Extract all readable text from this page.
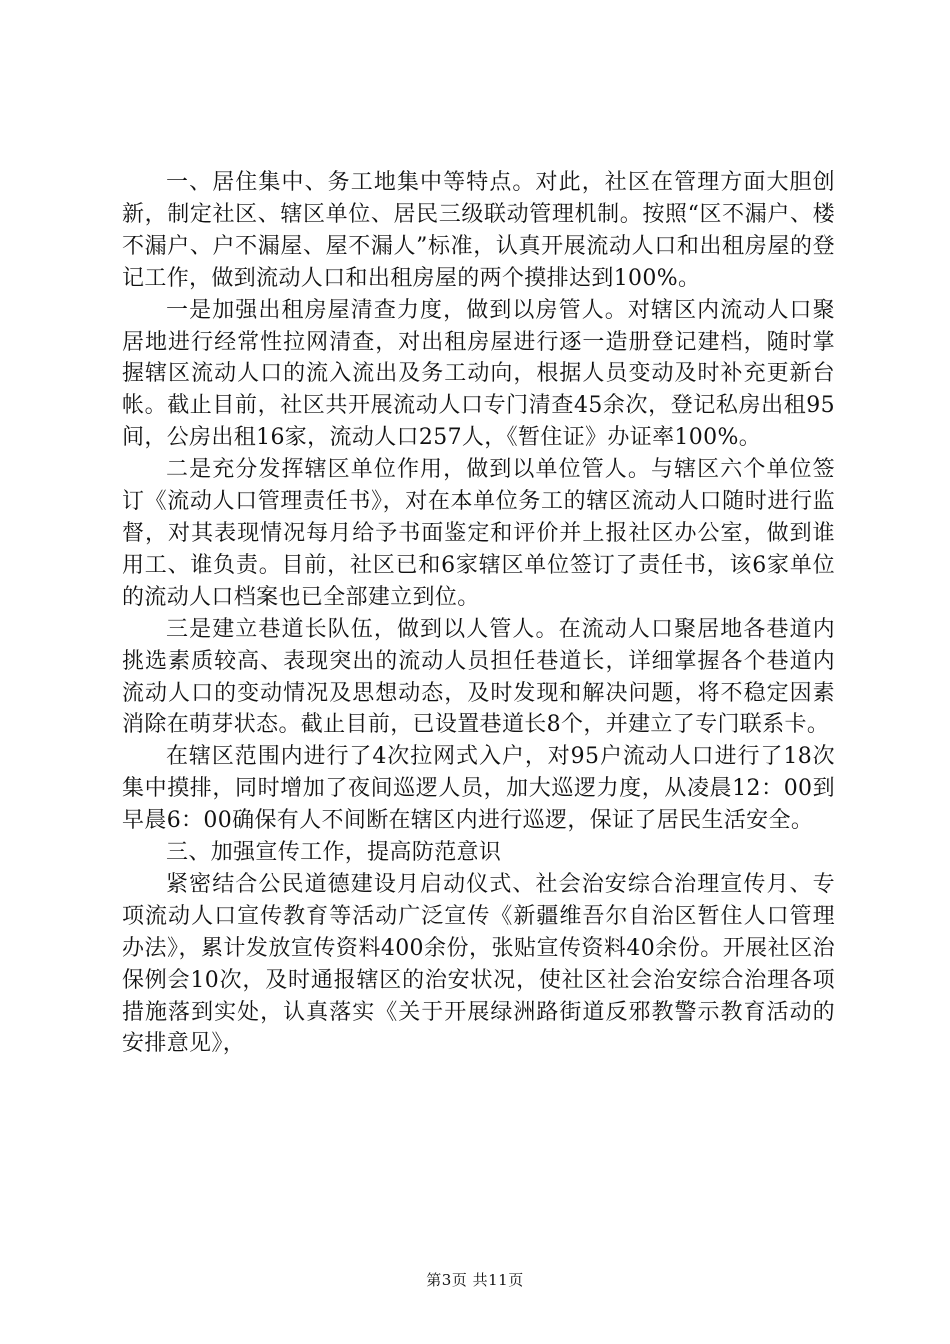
一、居住集中、务工地集中等特点。对此，社区在管理方面大胆创新，制定社区、辖区单位、居民三级联动管理机制。按照“区不漏户、楼不漏户、户不漏屋、屋不漏人”标准，认真开展流动人口和出租房屋的登记工作，做到流动人口和出租房屋的两个摸排达到100%。

一是加强出租房屋清查力度，做到以房管人。对辖区内流动人口聚居地进行经常性拉网清查，对出租房屋进行逐一造册登记建档，随时掌握辖区流动人口的流入流出及务工动向，根据人员变动及时补充更新台帐。截止目前，社区共开展流动人口专门清查45余次，登记私房出租95间，公房出租16家，流动人口257人，《暂住证》办证率100%。

二是充分发挥辖区单位作用，做到以单位管人。与辖区六个单位签订《流动人口管理责任书》，对在本单位务工的辖区流动人口随时进行监督，对其表现情况每月给予书面鉴定和评价并上报社区办公室，做到谁用工、谁负责。目前，社区已和6家辖区单位签订了责任书，该6家单位的流动人口档案也已全部建立到位。

三是建立巷道长队伍，做到以人管人。在流动人口聚居地各巷道内挑选素质较高、表现突出的流动人员担任巷道长，详细掌握各个巷道内流动人口的变动情况及思想动态，及时发现和解决问题，将不稳定因素消除在萌芽状态。截止目前，已设置巷道长8个，并建立了专门联系卡。

在辖区范围内进行了4次拉网式入户，对95户流动人口进行了18次集中摸排，同时增加了夜间巡逻人员，加大巡逻力度，从凌晨12：00到早晨6：00确保有人不间断在辖区内进行巡逻，保证了居民生活安全。

三、加强宣传工作，提高防范意识

紧密结合公民道德建设月启动仪式、社会治安综合治理宣传月、专项流动人口宣传教育等活动广泛宣传《新疆维吾尔自治区暂住人口管理办法》，累计发放宣传资料400余份，张贴宣传资料40余份。开展社区治保例会10次，及时通报辖区的治安状况，使社区社会治安综合治理各项措施落到实处，认真落实《关于开展绿洲路街道反邪教警示教育活动的安排意见》，

第3页 共11页
